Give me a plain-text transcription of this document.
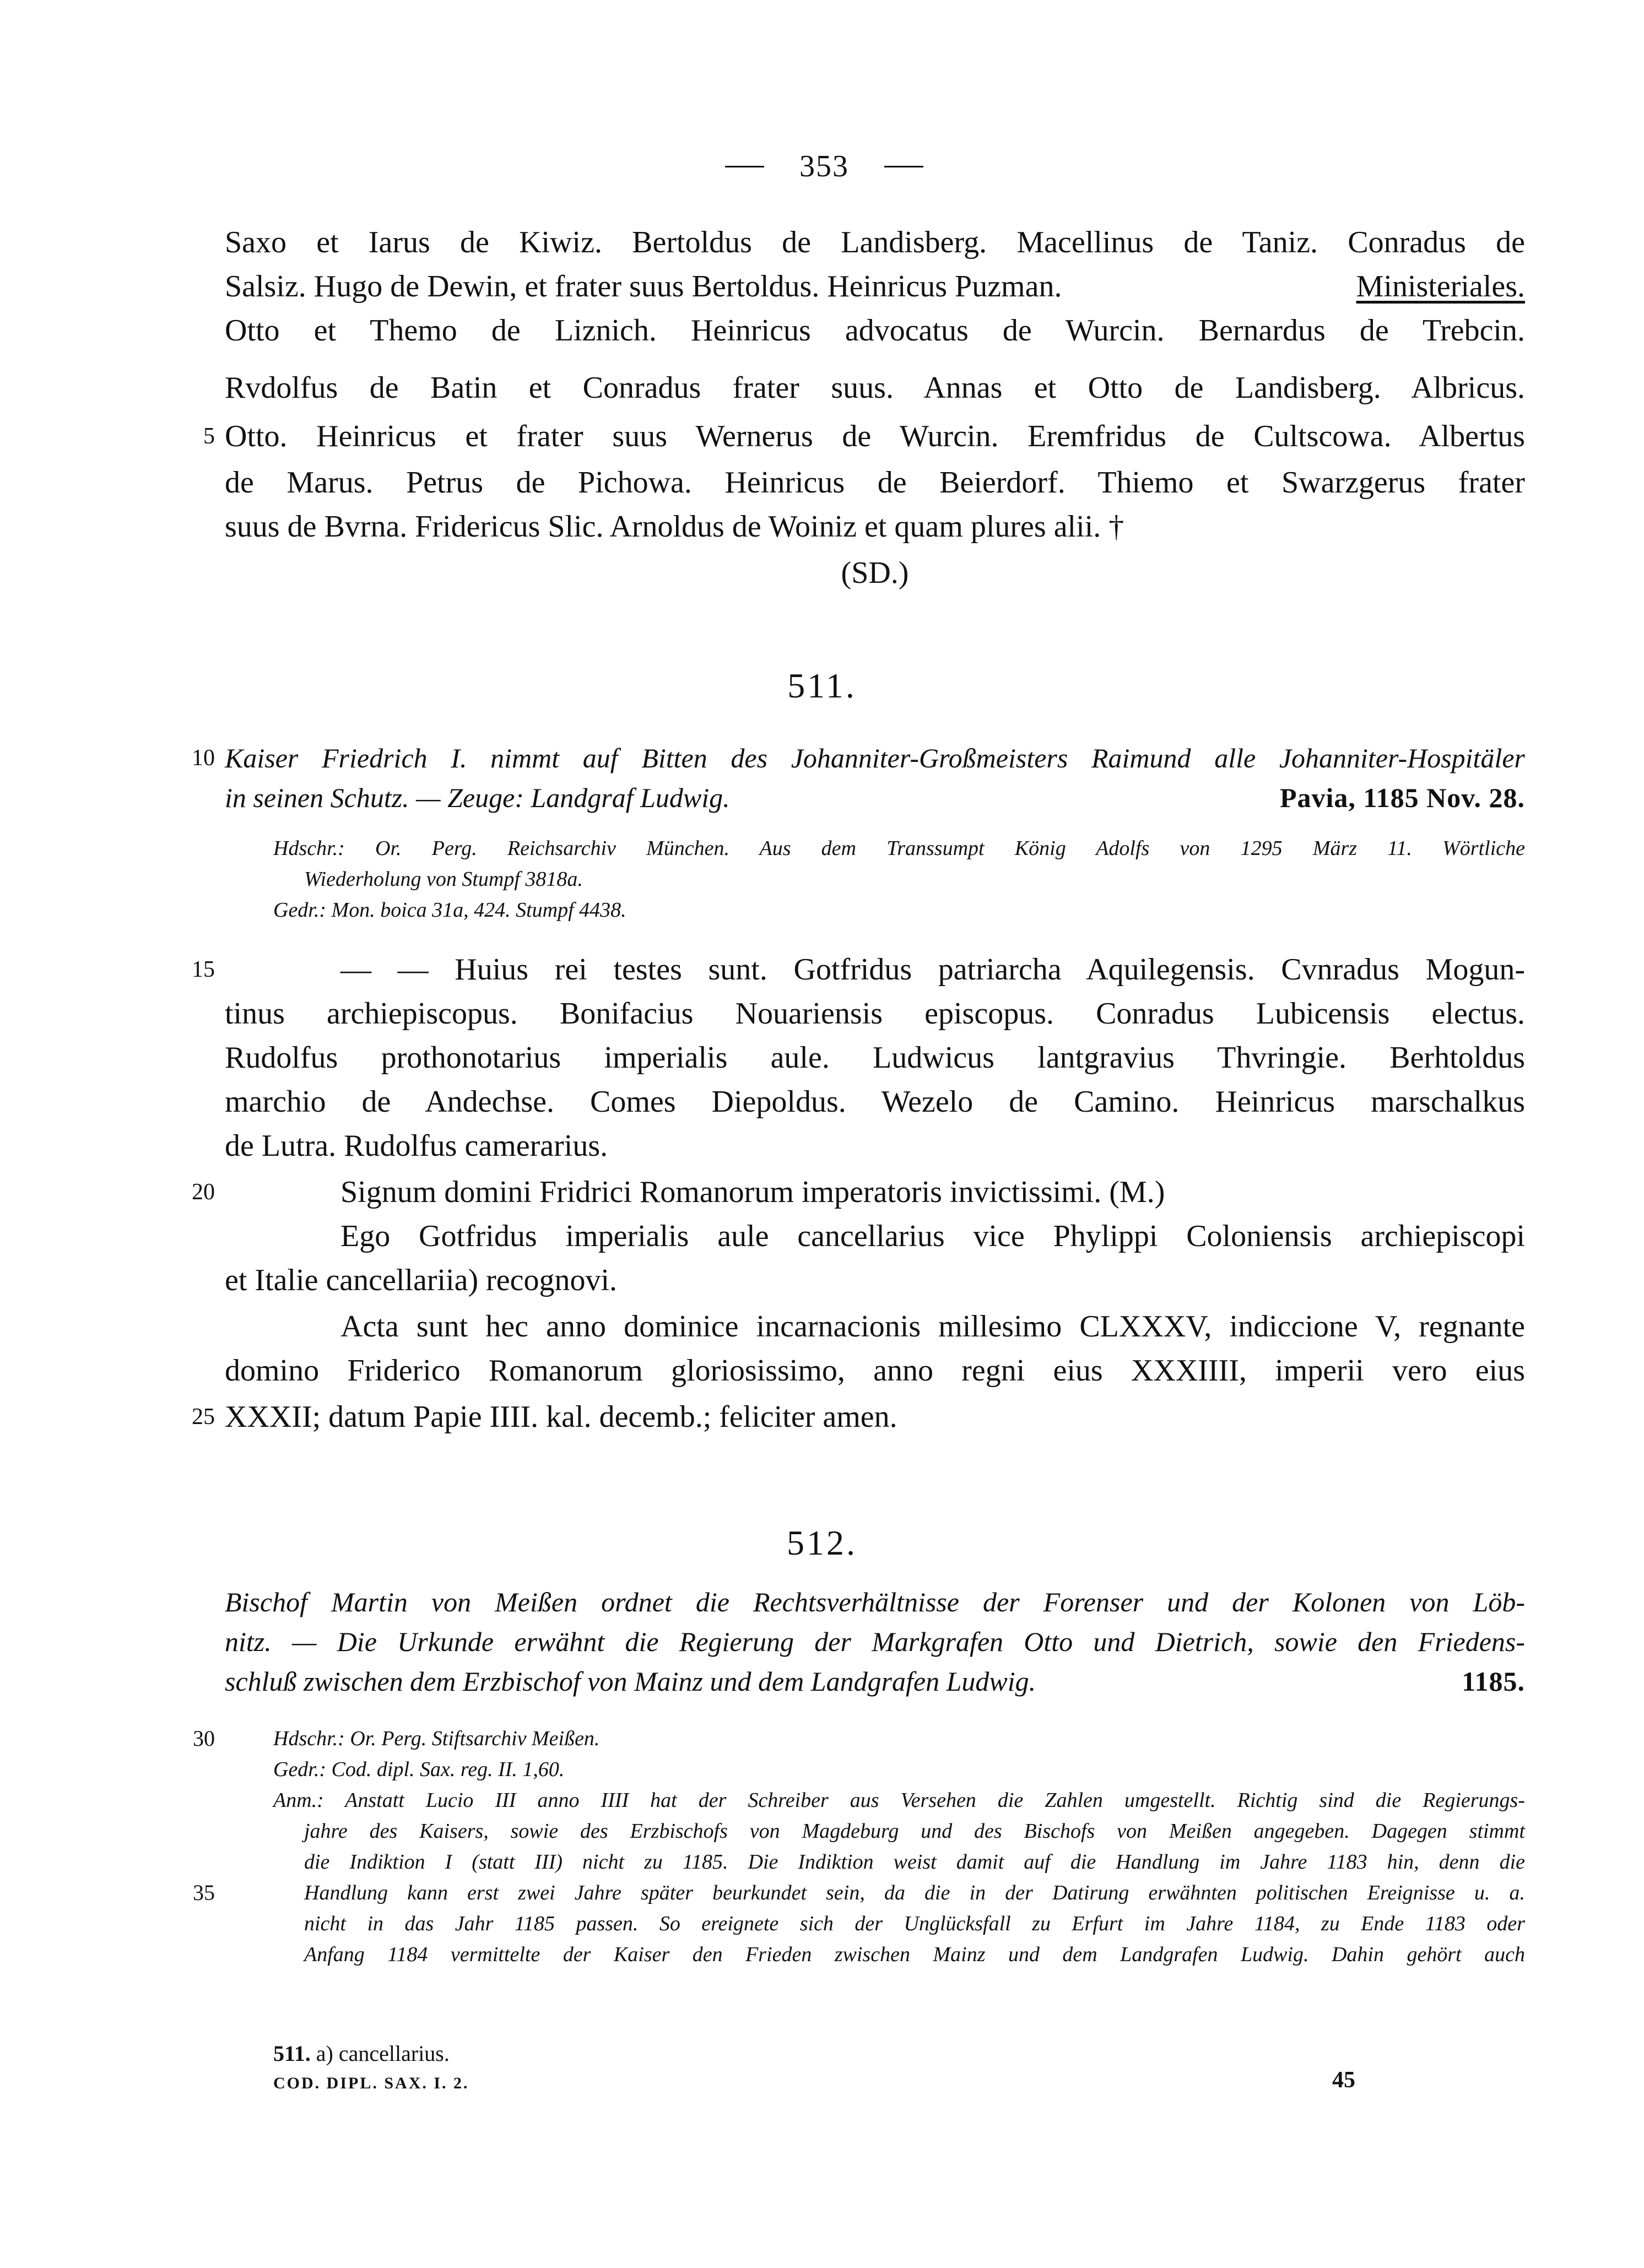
353
Saxo et Iarus de Kiwiz. Bertoldus de Landisberg. Macellinus de Taniz. Conradus de
Salsiz. Hugo de Dewin, et frater suus Bertoldus. Heinricus Puzman.	Ministeriales.
Otto et Themo de Liznich. Heinricus advocatus de Wurcin. Bernardus de Trebcin.
Rvdolfus de Batin et Conradus frater suus. Annas et Otto de Landisberg. Albricus.
5 Otto. Heinricus et frater suus Wernerus de Wurcin. Eremfridus de Cultscowa. Albertus
de Marus. Petrus de Pichowa. Heinricus de Beierdorf. Thiemo et Swarzgerus frater
suus de Bvrna. Fridericus Slic. Arnoldus de Woiniz et quam plures alii. †
(SD.)
511.
10 Kaiser Friedrich I. nimmt auf Bitten des Johanniter-Großmeisters Raimund alle Johanniter-Hospitäler
in seinen Schutz. — Zeuge: Landgraf Ludwig.	Pavia, 1185 Nov. 28.
Hdschr.: Or. Perg. Reichsarchiv München. Aus dem Transsumpt König Adolfs von 1295 März 11. Wörtliche
Wiederholung von Stumpf 3818a.
Gedr.: Mon. boica 31a, 424. Stumpf 4438.
15	— — Huius rei testes sunt. Gotfridus patriarcha Aquilegensis. Cvnradus Mogun-
tinus archiepiscopus. Bonifacius Nouariensis episcopus. Conradus Lubicensis electus.
Rudolfus prothonotarius imperialis aule. Ludwicus lantgravius Thvringie. Berhtoldus
marchio de Andechse. Comes Diepoldus. Wezelo de Camino. Heinricus marschalkus
de Lutra. Rudolfus camerarius.
20	Signum domini Fridrici Romanorum imperatoris invictissimi. (M.)
Ego Gotfridus imperialis aule cancellarius vice Phylippi Coloniensis archiepiscopi
et Italie cancellariia) recognovi.
Acta sunt hec anno dominice incarnacionis millesimo CLXXXV, indiccione V, regnante
domino Friderico Romanorum gloriosissimo, anno regni eius XXXIIII, imperii vero eius
25 XXXII; datum Papie IIII. kal. decemb.; feliciter amen.
512.
Bischof Martin von Meißen ordnet die Rechtsverhältnisse der Forenser und der Kolonen von Löb-
nitz. — Die Urkunde erwähnt die Regierung der Markgrafen Otto und Dietrich, sowie den Friedens-
schluß zwischen dem Erzbischof von Mainz und dem Landgrafen Ludwig.	1185.
30	Hdschr.: Or. Perg. Stiftsarchiv Meißen.
Gedr.: Cod. dipl. Sax. reg. II. 1,60.
Anm.: Anstatt Lucio III anno IIII hat der Schreiber aus Versehen die Zahlen umgestellt. Richtig sind die Regierungs-
jahre des Kaisers, sowie des Erzbischofs von Magdeburg und des Bischofs von Meißen angegeben. Dagegen stimmt
die Indiktion I (statt III) nicht zu 1185. Die Indiktion weist damit auf die Handlung im Jahre 1183 hin, denn die
35	Handlung kann erst zwei Jahre später beurkundet sein, da die in der Datirung erwähnten politischen Ereignisse u. a.
nicht in das Jahr 1185 passen. So ereignete sich der Unglücksfall zu Erfurt im Jahre 1184, zu Ende 1183 oder
Anfang 1184 vermittelte der Kaiser den Frieden zwischen Mainz und dem Landgrafen Ludwig. Dahin gehört auch
511. a) cancellarius.
COD. DIPL. SAX. I. 2.	45
